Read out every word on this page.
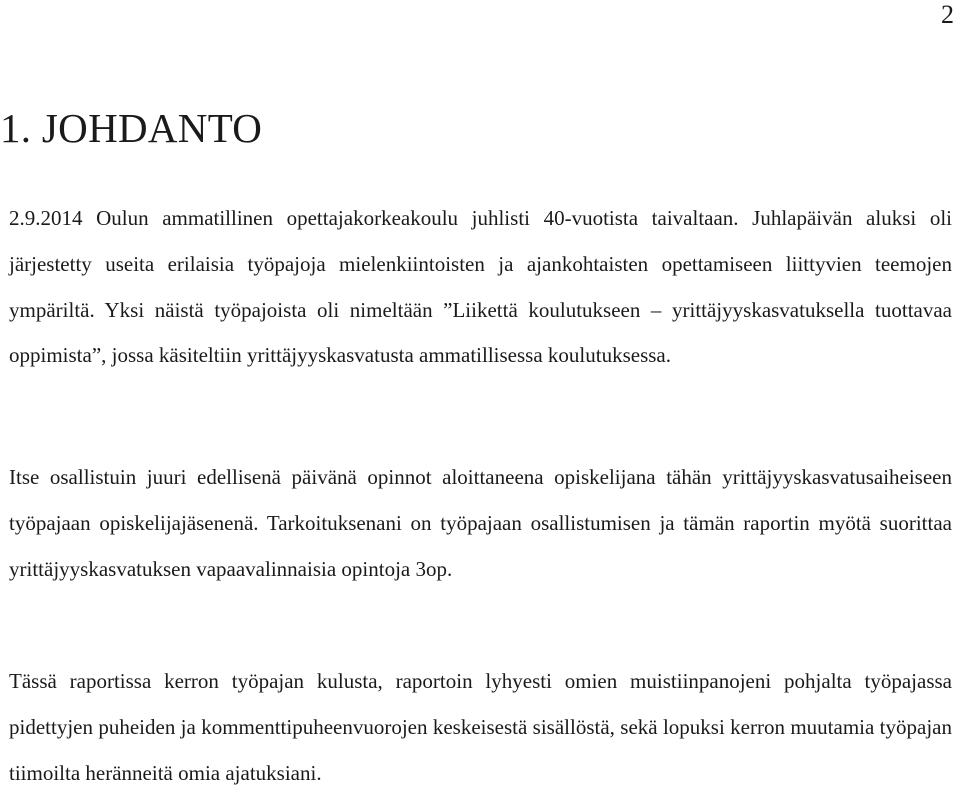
2
1. JOHDANTO

2.9.2014 Oulun ammatillinen opettajakorkeakoulu juhlisti 40-vuotista taivaltaan. Juhlapäivän aluksi oli järjestetty useita erilaisia työpajoja mielenkiintoisten ja ajankohtaisten opettamiseen liittyvien teemojen ympäriltä. Yksi näistä työpajoista oli nimeltään ”Liikettä koulutukseen – yrittäjyyskasvatuksella tuottavaa oppimista”, jossa käsiteltiin yrittäjyyskasvatusta ammatillisessa koulutuksessa.

Itse osallistuin juuri edellisenä päivänä opinnot aloittaneena opiskelijana tähän yrittäjyyskasvatusaiheiseen työpajaan opiskelijajäsenenä. Tarkoituksenani on työpajaan osallistumisen ja tämän raportin myötä suorittaa yrittäjyyskasvatuksen vapaavalinnaisia opintoja 3op.

Tässä raportissa kerron työpajan kulusta, raportoin lyhyesti omien muistiinpanojeni pohjalta työpajassa pidettyjen puheiden ja kommenttipuheenvuorojen keskeisestä sisällöstä, sekä lopuksi kerron muutamia työpajan tiimoilta heränneitä omia ajatuksiani.
